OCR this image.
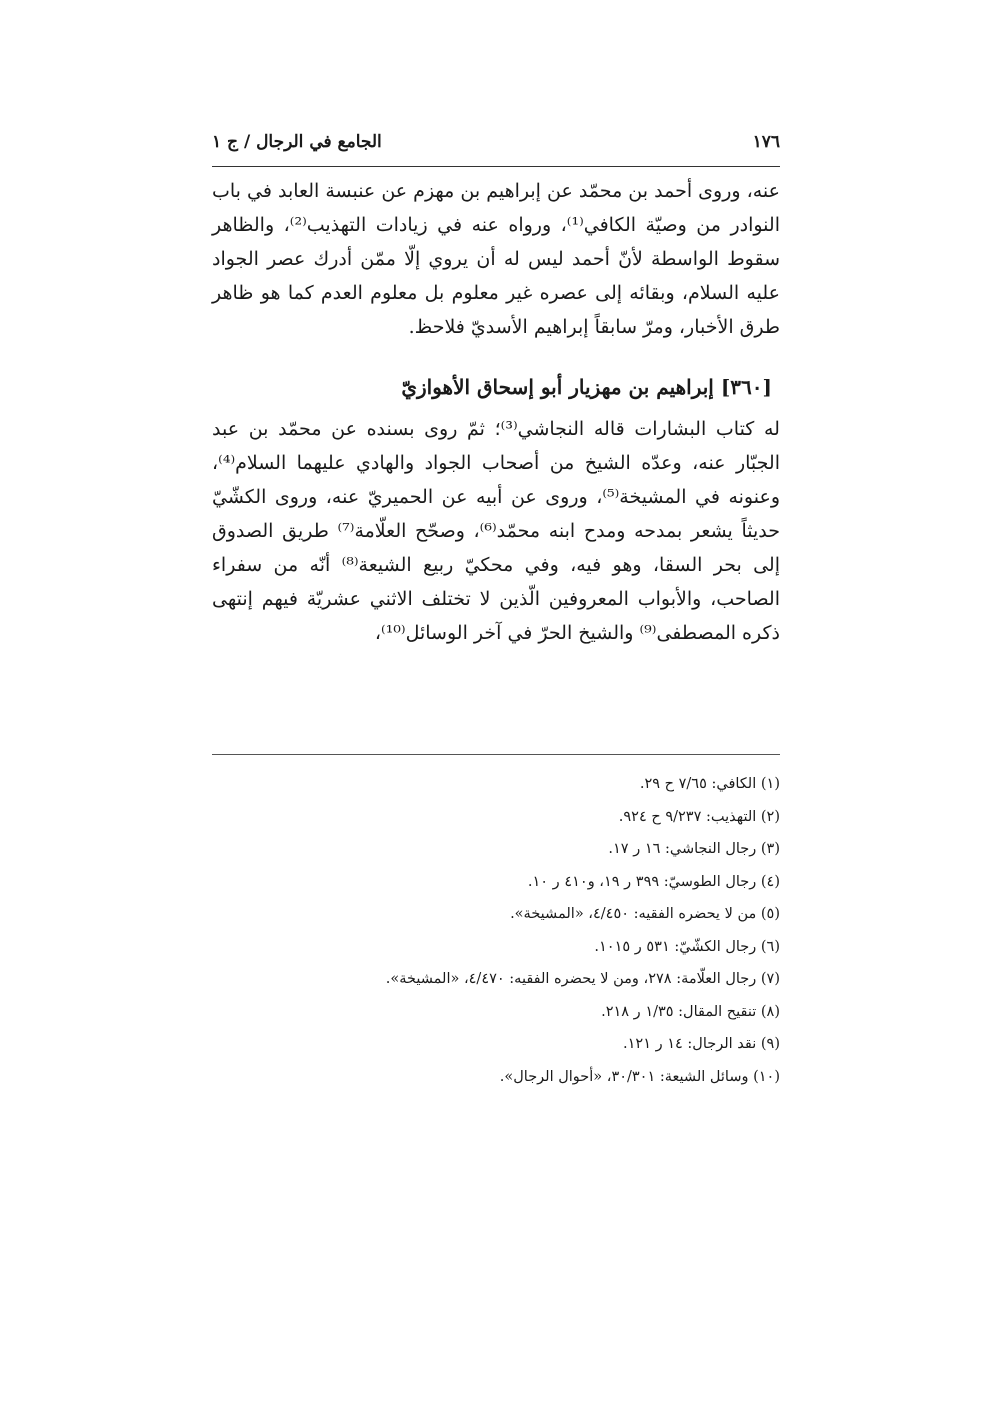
١٧٦
الجامع في الرجال / ج ١

عنه، وروى أحمد بن محمّد عن إبراهيم بن مهزم عن عنبسة العابد في باب النوادر من وصيّة الكافي⁽¹⁾، ورواه عنه في زيادات التهذيب⁽²⁾، والظاهر سقوط الواسطة لأنّ أحمد ليس له أن يروي إلّا ممّن أدرك عصر الجواد عليه السلام، وبقائه إلى عصره غير معلوم بل معلوم العدم كما هو ظاهر طرق الأخبار، ومرّ سابقاً إبراهيم الأسديّ فلاحظ.

[٣٦٠] إبراهيم بن مهزيار أبو إسحاق الأهوازيّ

له كتاب البشارات قاله النجاشي⁽³⁾؛ ثمّ روى بسنده عن محمّد بن عبد الجبّار عنه، وعدّه الشيخ من أصحاب الجواد والهادي عليهما السلام⁽⁴⁾، وعنونه في المشيخة⁽⁵⁾، وروى عن أبيه عن الحميريّ عنه، وروى الكشّيّ حديثاً يشعر بمدحه ومدح ابنه محمّد⁽⁶⁾، وصحّح العلّامة⁽⁷⁾ طريق الصدوق إلى بحر السقا، وهو فيه، وفي محكيّ ربيع الشيعة⁽⁸⁾ أنّه من سفراء الصاحب، والأبواب المعروفين الّذين لا تختلف الاثني عشريّة فيهم إنتهى ذكره المصطفى⁽⁹⁾ والشيخ الحرّ في آخر الوسائل⁽¹⁰⁾،

(١) الكافي: ٧/٦٥ ح ٢٩.
(٢) التهذيب: ٩/٢٣٧ ح ٩٢٤.
(٣) رجال النجاشي: ١٦ ر ١٧.
(٤) رجال الطوسيّ: ٣٩٩ ر ١٩، و٤١٠ ر ١٠.
(٥) من لا يحضره الفقيه: ٤/٤٥٠، «المشيخة».
(٦) رجال الكشّيّ: ٥٣١ ر ١٠١٥.
(٧) رجال العلّامة: ٢٧٨، ومن لا يحضره الفقيه: ٤/٤٧٠، «المشيخة».
(٨) تنقيح المقال: ١/٣٥ ر ٢١٨.
(٩) نقد الرجال: ١٤ ر ١٢١.
(١٠) وسائل الشيعة: ٣٠/٣٠١، «أحوال الرجال».
